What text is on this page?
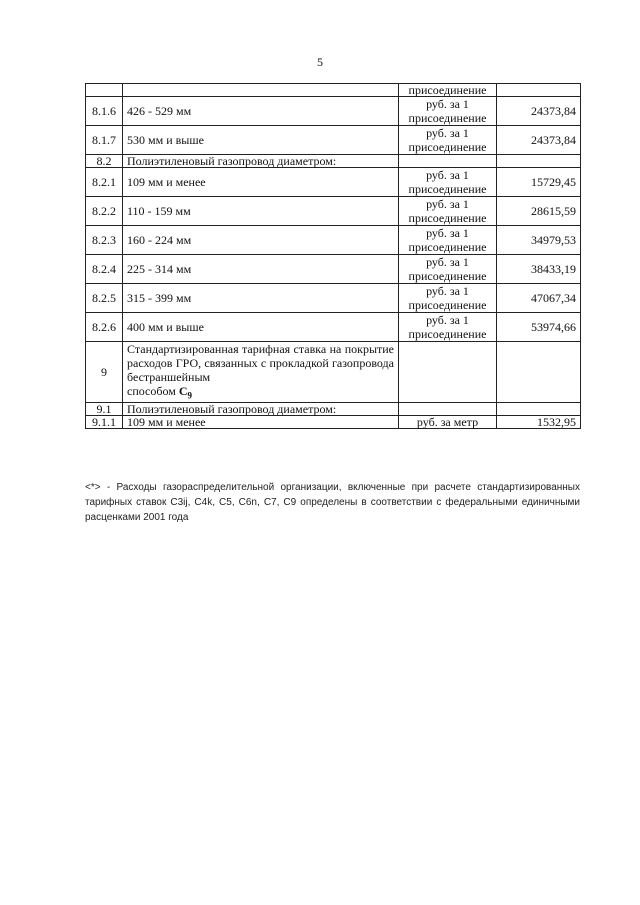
5
		присоединение	
8.1.6	426 - 529 мм	руб. за 1 присоединение	24373,84
8.1.7	530 мм и выше	руб. за 1 присоединение	24373,84
8.2	Полиэтиленовый газопровод диаметром:		
8.2.1	109 мм и менее	руб. за 1 присоединение	15729,45
8.2.2	110 - 159 мм	руб. за 1 присоединение	28615,59
8.2.3	160 - 224 мм	руб. за 1 присоединение	34979,53
8.2.4	225 - 314 мм	руб. за 1 присоединение	38433,19
8.2.5	315 - 399 мм	руб. за 1 присоединение	47067,34
8.2.6	400 мм и выше	руб. за 1 присоединение	53974,66
9	Стандартизированная тарифная ставка на покрытие расходов ГРО, связанных с прокладкой газопровода бестраншейным
способом $С_9$

9.1	Полиэтиленовый газопровод диаметром:		
9.1.1	109 мм и менее	руб. за метр	1532,95
<*> - Расходы газораспределительной организации, включенные при расчете стандартизированных тарифных ставок С3ij, С4k, С5, С6n, С7, С9 определены в соответствии с федеральными единичными расценками 2001 года
